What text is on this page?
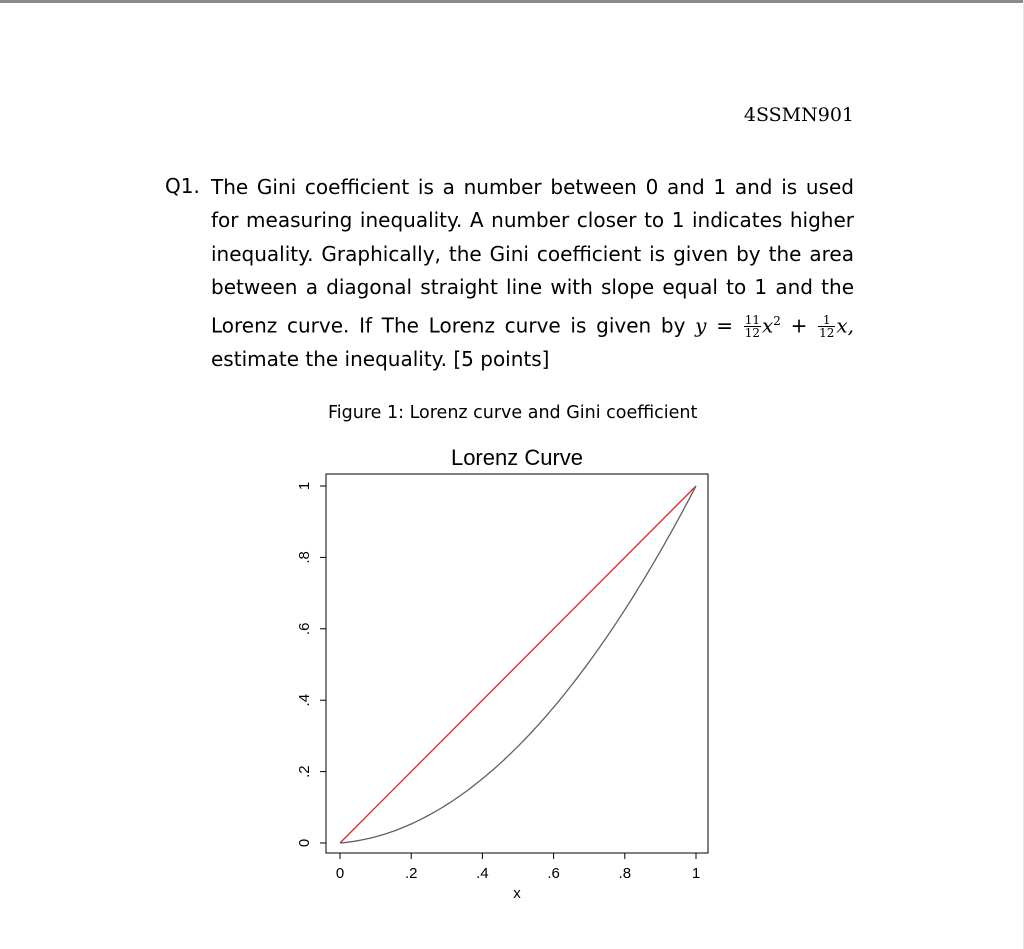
4SSMN901
Q1. The Gini coefficient is a number between 0 and 1 and is used for measuring inequality. A number closer to 1 indicates higher inequality. Graphically, the Gini coefficient is given by the area between a diagonal straight line with slope equal to 1 and the Lorenz curve. If The Lorenz curve is given by $y = \frac{11}{12} x^2 + \frac{1}{12} x$, estimate the inequality. [5 points]
Figure 1: Lorenz curve and Gini coefficient
Lorenz Curve
0	.2	.4	.6	.8	1
0
.2
.4
.6
.8
1
x
